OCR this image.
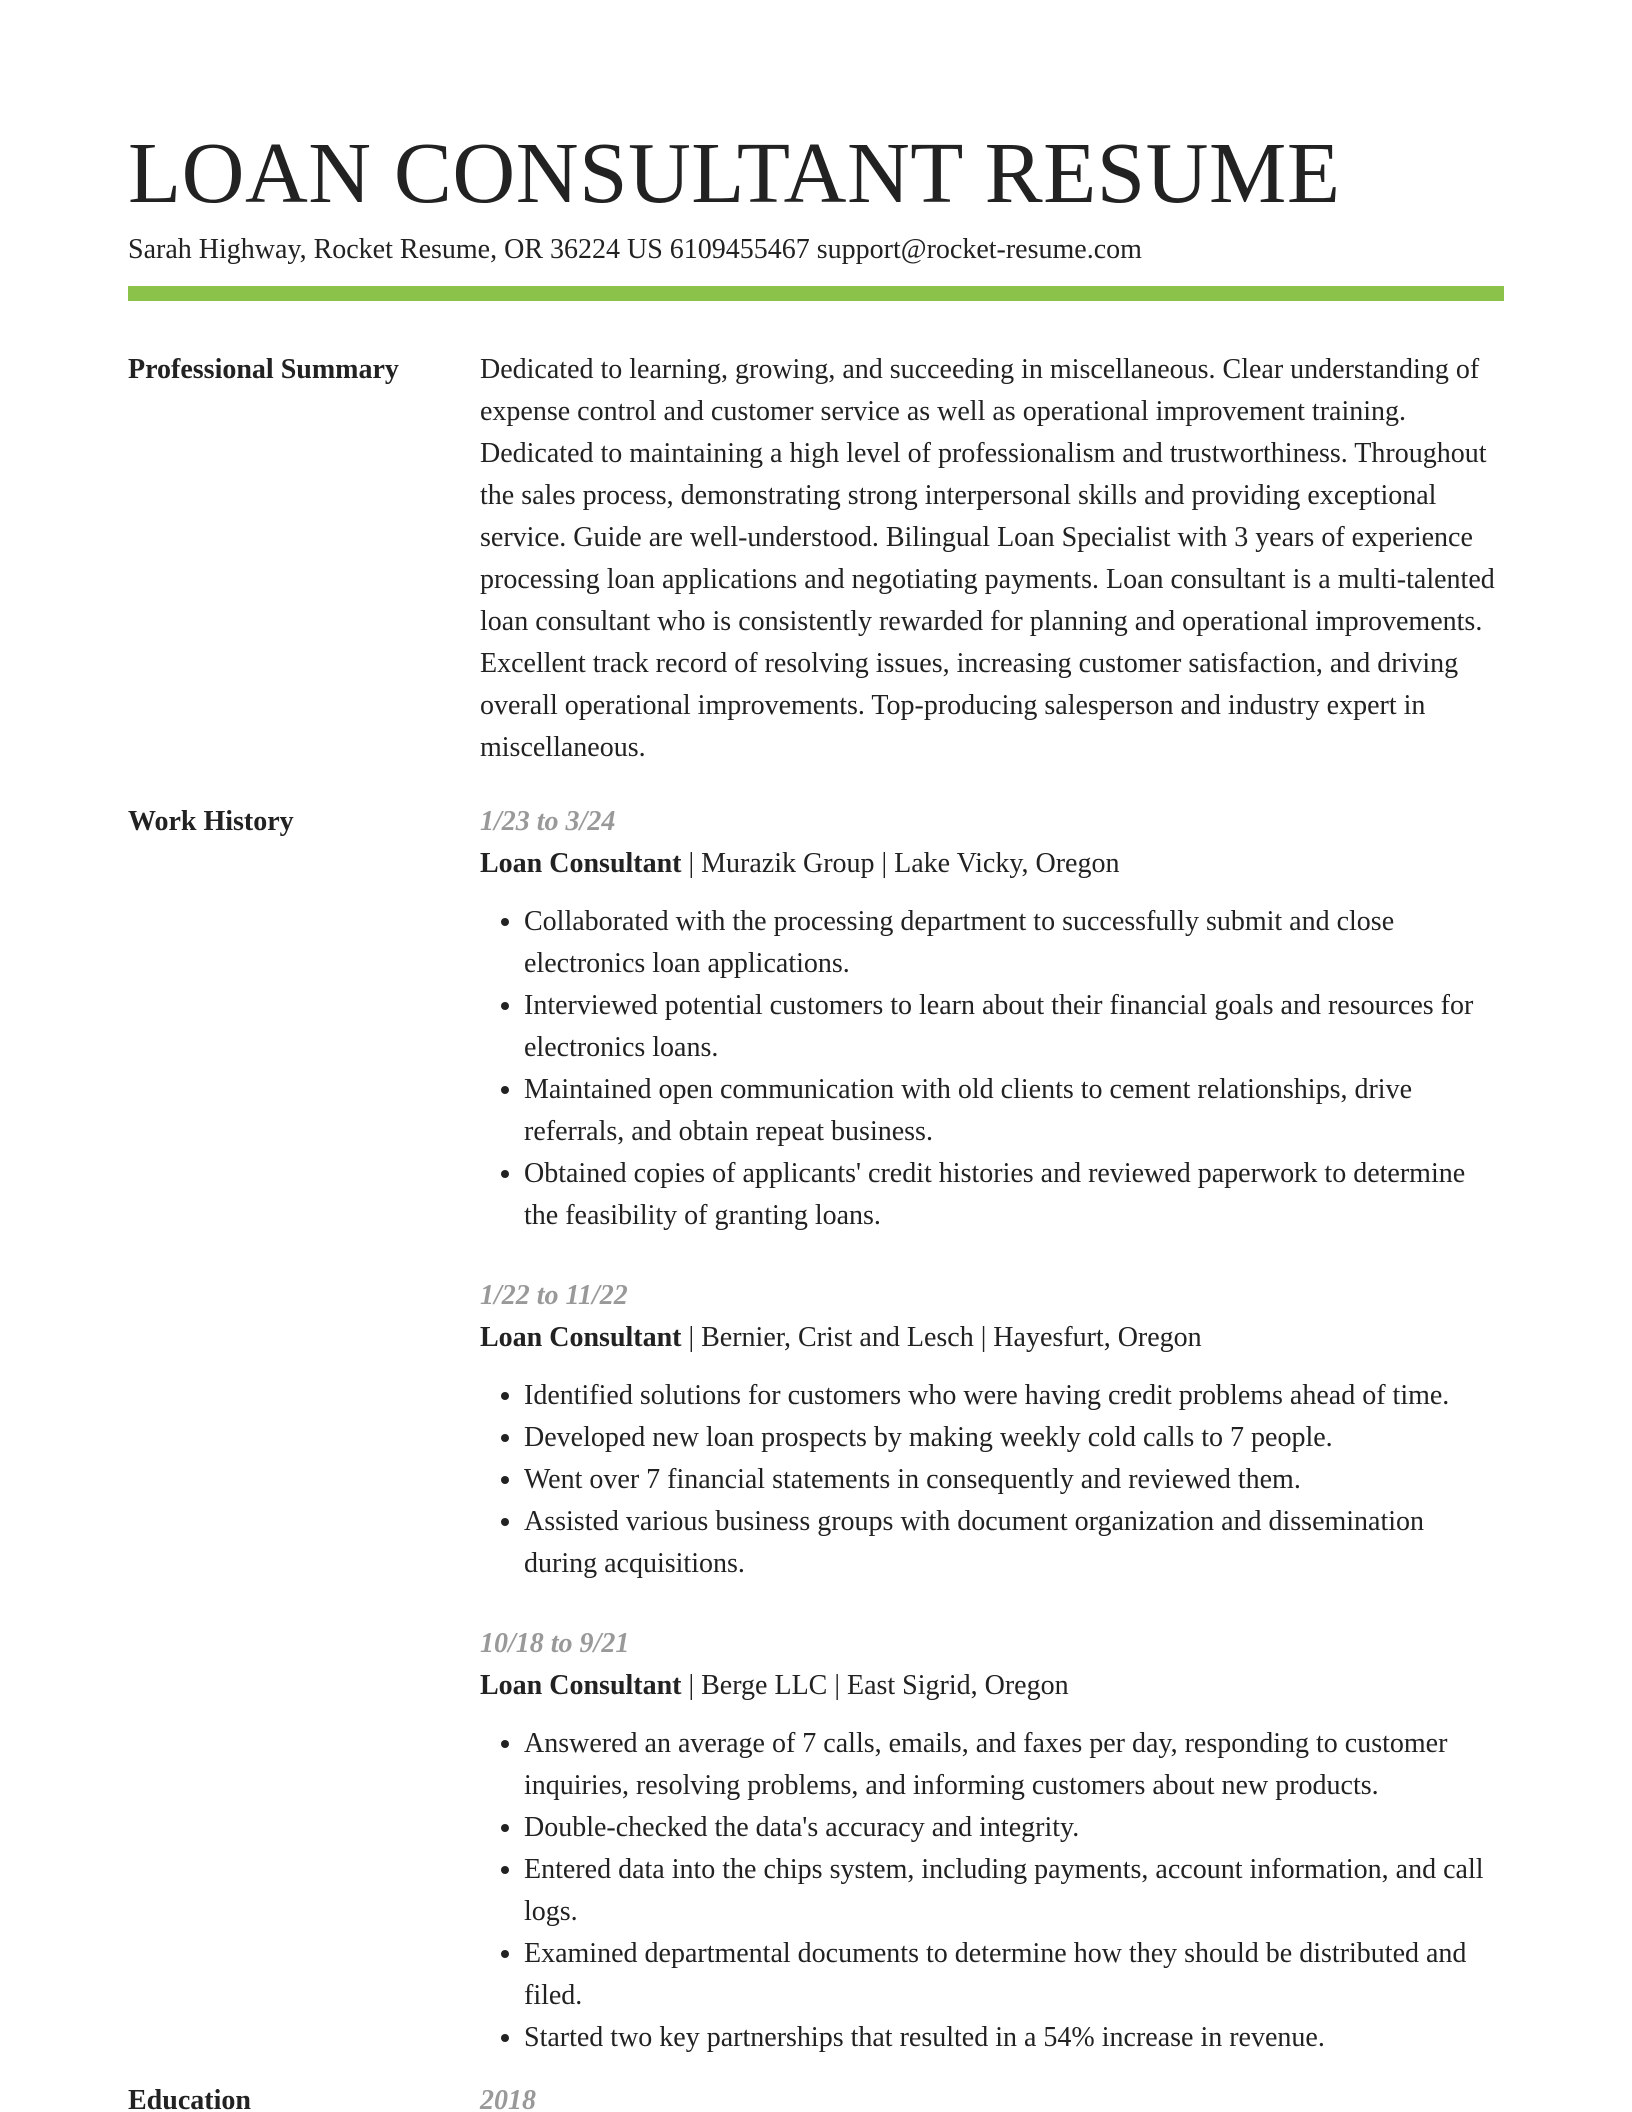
LOAN CONSULTANT RESUME
Sarah Highway, Rocket Resume, OR 36224 US 6109455467 support@rocket-resume.com
Professional Summary	Dedicated to learning, growing, and succeeding in miscellaneous. Clear understanding of expense control and customer service as well as operational improvement training. Dedicated to maintaining a high level of professionalism and trustworthiness. Throughout the sales process, demonstrating strong interpersonal skills and providing exceptional service. Guide are well-understood. Bilingual Loan Specialist with 3 years of experience processing loan applications and negotiating payments. Loan consultant is a multi-talented loan consultant who is consistently rewarded for planning and operational improvements. Excellent track record of resolving issues, increasing customer satisfaction, and driving overall operational improvements. Top-producing salesperson and industry expert in miscellaneous.

Work History	1/23 to 3/24
Loan Consultant | Murazik Group | Lake Vicky, Oregon
• Collaborated with the processing department to successfully submit and close electronics loan applications.
• Interviewed potential customers to learn about their financial goals and resources for electronics loans.
• Maintained open communication with old clients to cement relationships, drive referrals, and obtain repeat business.
• Obtained copies of applicants' credit histories and reviewed paperwork to determine the feasibility of granting loans.
1/22 to 11/22
Loan Consultant | Bernier, Crist and Lesch | Hayesfurt, Oregon
• Identified solutions for customers who were having credit problems ahead of time.
• Developed new loan prospects by making weekly cold calls to 7 people.
• Went over 7 financial statements in consequently and reviewed them.
• Assisted various business groups with document organization and dissemination during acquisitions.
10/18 to 9/21
Loan Consultant | Berge LLC | East Sigrid, Oregon
• Answered an average of 7 calls, emails, and faxes per day, responding to customer inquiries, resolving problems, and informing customers about new products.
• Double-checked the data's accuracy and integrity.
• Entered data into the chips system, including payments, account information, and call logs.
• Examined departmental documents to determine how they should be distributed and filed.
• Started two key partnerships that resulted in a 54% increase in revenue.
Education	2018
